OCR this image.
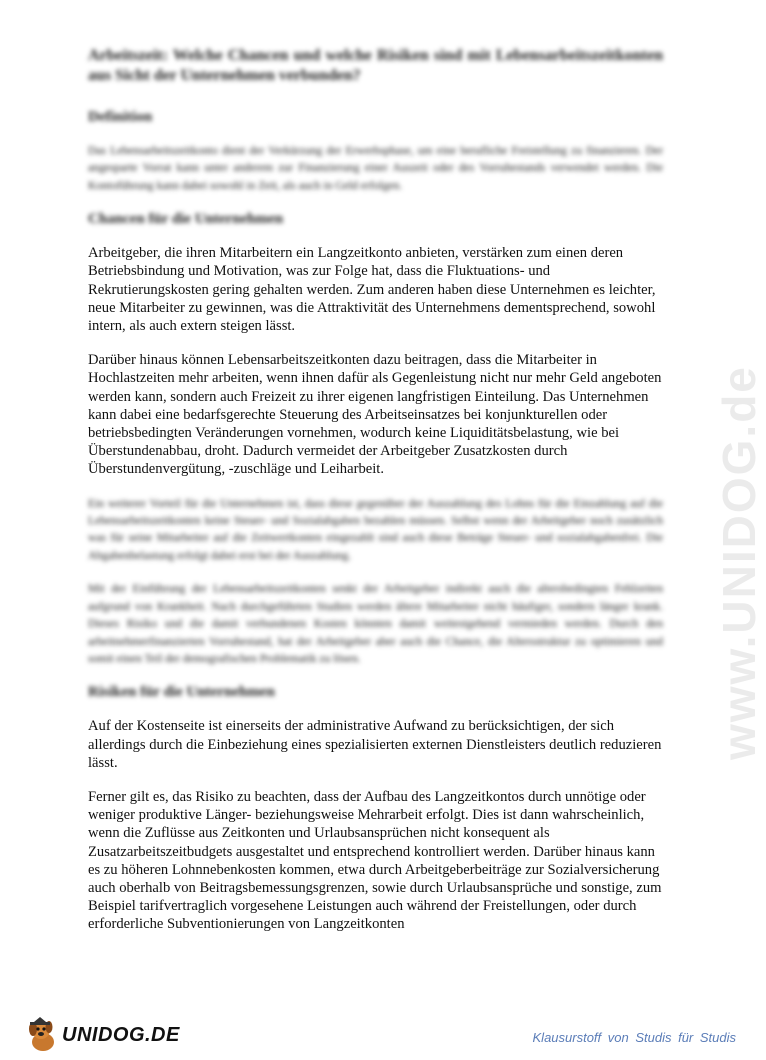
www.UNIDOG.de
Arbeitszeit: Welche Chancen und welche Risiken sind mit Lebensarbeitszeitkonten aus Sicht der Unternehmen verbunden?
Definition

Das Lebensarbeitszeitkonto dient der Verkürzung der Erwerbsphase, um eine berufliche Freistellung zu finanzieren. Der angesparte Vorrat kann unter anderem zur Finanzierung einer Auszeit oder des Vorruhestands verwendet werden. Die Kontoführung kann dabei sowohl in Zeit, als auch in Geld erfolgen.

Chancen für die Unternehmen

Arbeitgeber, die ihren Mitarbeitern ein Langzeitkonto anbieten, verstärken zum einen deren Betriebsbindung und Motivation, was zur Folge hat, dass die Fluktuations- und Rekrutierungskosten gering gehalten werden. Zum anderen haben diese Unternehmen es leichter, neue Mitarbeiter zu gewinnen, was die Attraktivität des Unternehmens dementsprechend, sowohl intern, als auch extern steigen lässt.

Darüber hinaus können Lebensarbeitszeitkonten dazu beitragen, dass die Mitarbeiter in Hochlastzeiten mehr arbeiten, wenn ihnen dafür als Gegenleistung nicht nur mehr Geld angeboten werden kann, sondern auch Freizeit zu ihrer eigenen langfristigen Einteilung. Das Unternehmen kann dabei eine bedarfsgerechte Steuerung des Arbeitseinsatzes bei konjunkturellen oder betriebsbedingten Veränderungen vornehmen, wodurch keine Liquiditätsbelastung, wie bei Überstundenabbau, droht. Dadurch vermeidet der Arbeitgeber Zusatzkosten durch Überstundenvergütung, -zuschläge und Leiharbeit.

Ein weiterer Vorteil für die Unternehmen ist, dass diese gegenüber der Auszahlung des Lohns für die Einzahlung auf die Lebensarbeitszeitkonten keine Steuer- und Sozialabgaben bezahlen müssen. Selbst wenn der Arbeitgeber noch zusätzlich was für seine Mitarbeiter auf die Zeitwertkonten eingezahlt sind auch diese Beträge Steuer- und sozialabgabenfrei. Die Abgabenbelastung erfolgt dabei erst bei der Auszahlung.

Mit der Einführung der Lebensarbeitszeitkonten senkt der Arbeitgeber indirekt auch die altersbedingten Fehlzeiten aufgrund von Krankheit. Nach durchgeführten Studien werden ältere Mitarbeiter nicht häufiger, sondern länger krank. Dieses Risiko und die damit verbundenen Kosten könnten damit weitestgehend vermieden werden. Durch den arbeitnehmerfinanzierten Vorruhestand, hat der Arbeitgeber aber auch die Chance, die Altersstruktur zu optimieren und somit einen Teil der demografischen Problematik zu lösen.

Risiken für die Unternehmen

Auf der Kostenseite ist einerseits der administrative Aufwand zu berücksichtigen, der sich allerdings durch die Einbeziehung eines spezialisierten externen Dienstleisters deutlich reduzieren lässt.

Ferner gilt es, das Risiko zu beachten, dass der Aufbau des Langzeitkontos durch unnötige oder weniger produktive Länger- beziehungsweise Mehrarbeit erfolgt. Dies ist dann wahrscheinlich, wenn die Zuflüsse aus Zeitkonten und Urlaubsansprüchen nicht konsequent als Zusatzarbeitszeitbudgets ausgestaltet und entsprechend kontrolliert werden. Darüber hinaus kann es zu höheren Lohnnebenkosten kommen, etwa durch Arbeitgeberbeiträge zur Sozialversicherung auch oberhalb von Beitragsbemessungsgrenzen, sowie durch Urlaubsansprüche und sonstige, zum Beispiel tarifvertraglich vorgesehene Leistungen auch während der Freistellungen, oder durch erforderliche Subventionierungen von Langzeitkonten

UNIDOG.DE	Klausurstoff von Studis für Studis
